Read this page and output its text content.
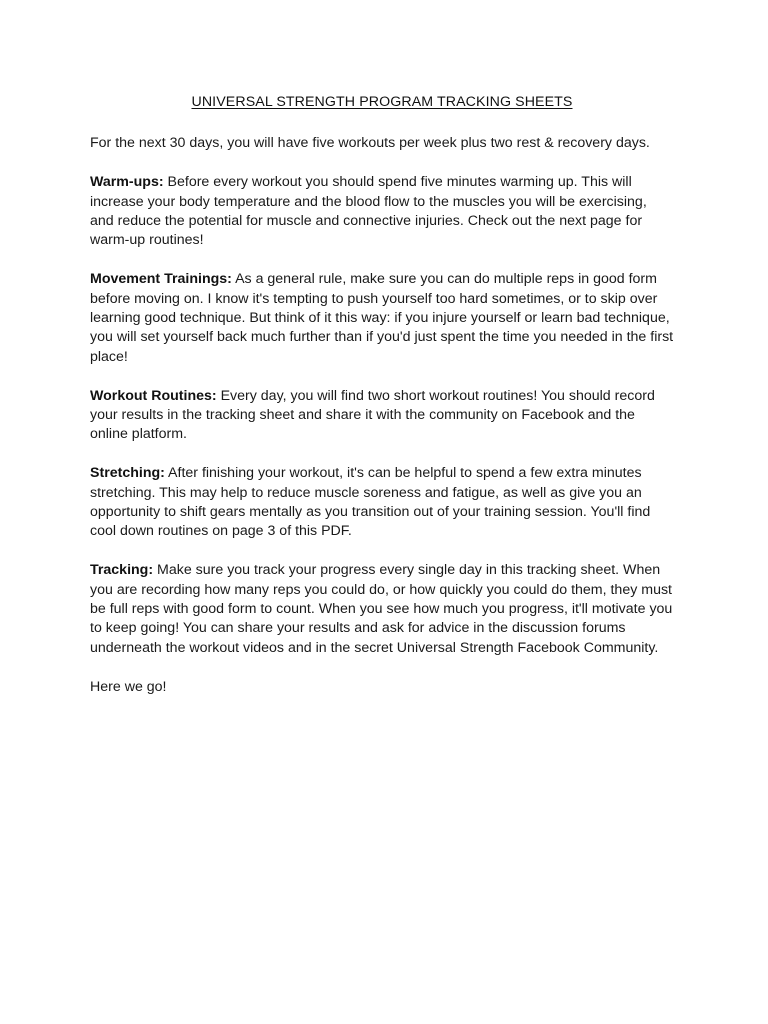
UNIVERSAL STRENGTH PROGRAM TRACKING SHEETS

For the next 30 days, you will have five workouts per week plus two rest & recovery days.

Warm-ups: Before every workout you should spend five minutes warming up. This will increase your body temperature and the blood flow to the muscles you will be exercising, and reduce the potential for muscle and connective injuries. Check out the next page for warm-up routines!

Movement Trainings: As a general rule, make sure you can do multiple reps in good form before moving on. I know it's tempting to push yourself too hard sometimes, or to skip over learning good technique. But think of it this way: if you injure yourself or learn bad technique, you will set yourself back much further than if you'd just spent the time you needed in the first place!

Workout Routines: Every day, you will find two short workout routines! You should record your results in the tracking sheet and share it with the community on Facebook and the online platform.

Stretching: After finishing your workout, it's can be helpful to spend a few extra minutes stretching. This may help to reduce muscle soreness and fatigue, as well as give you an opportunity to shift gears mentally as you transition out of your training session. You'll find cool down routines on page 3 of this PDF.

Tracking: Make sure you track your progress every single day in this tracking sheet. When you are recording how many reps you could do, or how quickly you could do them, they must be full reps with good form to count. When you see how much you progress, it'll motivate you to keep going! You can share your results and ask for advice in the discussion forums underneath the workout videos and in the secret Universal Strength Facebook Community.

Here we go!
